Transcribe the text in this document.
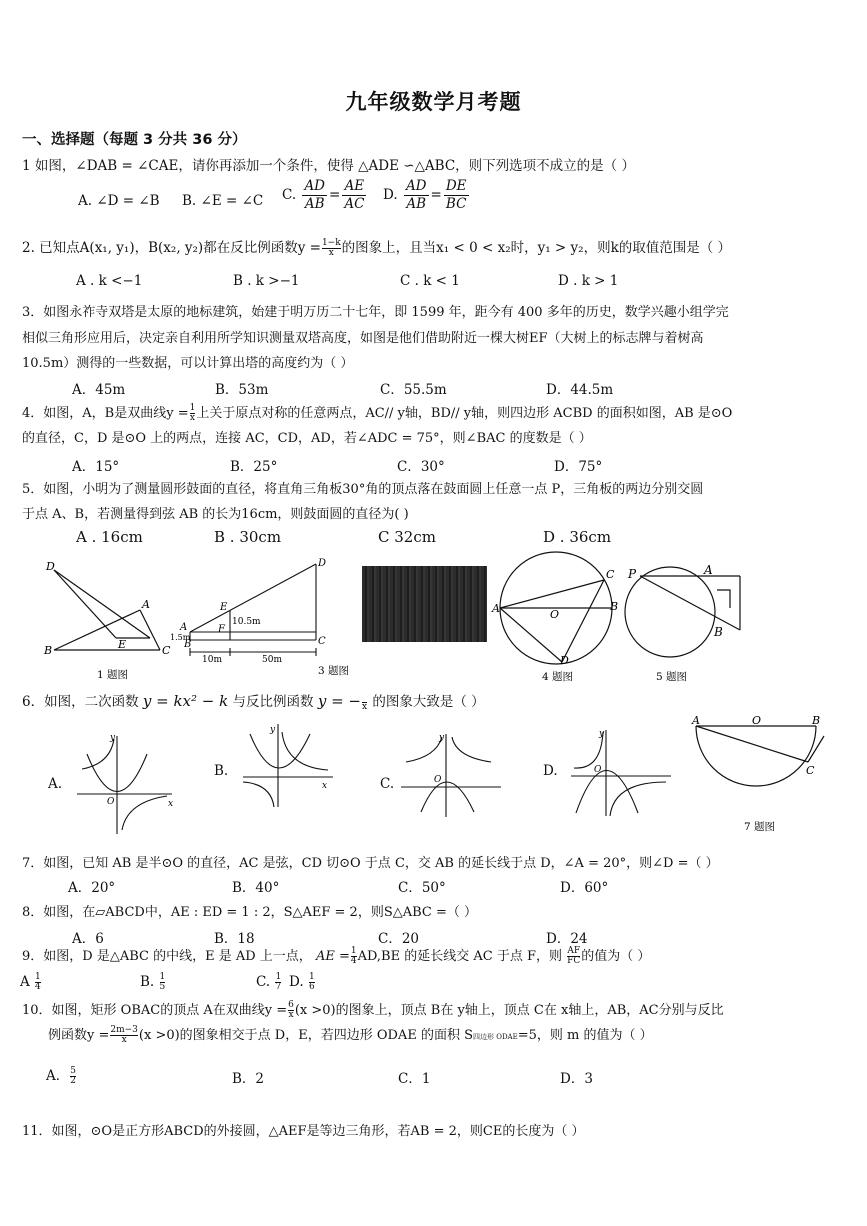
九年级数学月考题
一、选择题（每题 3 分共 36 分）
1 如图，∠DAB = ∠CAE，请你再添加一个条件，使得 △ADE ∽△ABC，则下列选项不成立的是（ ）
A. ∠D = ∠B B. ∠E = ∠C C. $\frac{AD}{AB} = \frac{AE}{AC} D$. $\frac{AD}{AB} = \frac{DE}{BC}$
2. 已知点A(x₁, y₁)，B(x₂, y₂)都在反比例函数$y = \frac{1-k}{x}$ 的图象上，且当x₁ < 0 < x₂时，y₁ > y₂，则k的取值范围是（ ）
A . k <−1	B . k >−1	C . k < 1	D . k > 1
3．如图永祚寺双塔是太原的地标建筑，始建于明万历二十七年，即 1599 年，距今有 400 多年的历史，数学兴趣小组学完
相似三角形应用后，决定亲自利用所学知识测量双塔高度，如图是他们借助附近一棵大树EF（大树上的标志牌与着树高
10.5m）测得的一些数据，可以计算出塔的高度约为（ ）
A．45m	B．53m	C．55.5m	D．44.5m
4．如图，A，B是双曲线$y = \frac{1}{x}$ 上关于原点对称的任意两点，AC// y轴，BD// y轴，则四边形 ACBD 的面积如图，AB 是⊙O
的直径，C，D 是⊙O 上的两点，连接 AC，CD，AD，若∠ADC = 75°，则∠BAC 的度数是（ ）
A．15°	B．25°	C．30°	D．75°
5．如图，小明为了测量圆形鼓面的直径，将直角三角板30°角的顶点落在鼓面圆上任意一点 P，三角板的两边分别交圆
于点 A、B，若测量得到弦 AB 的长为16cm，则鼓面圆的直径为( )
A . 16cm	B . 30cm	C 32cm	D . 36cm
D
A
E
B	C
1 题图
D
E
F
A
B	C
10.5m
1.5m
10m	50m
3 题图
A	O
C
B
D
4 题图
P	A
B
5 题图
6．如图，二次函数 y = kx² − k 与反比例函数 y = −
x 的图象大致是（ ）
A.
y
x
O
B.
y
x	C.
y
O
D.
y
O
A	O	B
C
7 题图
7．如图，已知 AB 是半⊙O 的直径，AC 是弦，CD 切⊙O 于点 C，交 AB 的延长线于点 D，∠A = 20°，则∠D =（ ）
A．20°	B．40°	C．50°	D．60°
8．如图，在▱ABCD中，AE : ED = 1 : 2，S△AEF = 2，则S△ABC =（ ）
A．6	B．18	C．20	D．24
9．如图，D 是△ABC 的中线，E 是 AD 上一点， AE = $\frac{1}{4} AD,BE$ 的延长线交 AC 于点 F，则 $\frac{AF}{FC}$ 的值为（ ）
A $\frac{1}{4}$	B. $\frac{1}{5}$	C. $\frac{1}{7} D$. $\frac{1}{6}$
10．如图，矩形 OBAC的顶点 A在双曲线$y = \frac{6}{x} (x >0)$的图象上，顶点 B在 y轴上，顶点 C在 x轴上，AB，AC分别与反比
例函数$y = \frac{2m-3}{x} (x >0)$的图象相交于点 D，E，若四边形 ODAE 的面积 S四边形 ODAE=5，则 m 的值为（ ）
A． $\frac{5}{2}$	B．2	C．1	D．3
11．如图，⊙O是正方形ABCD的外接圆，△AEF是等边三角形，若AB = 2，则CE的长度为（ ）
